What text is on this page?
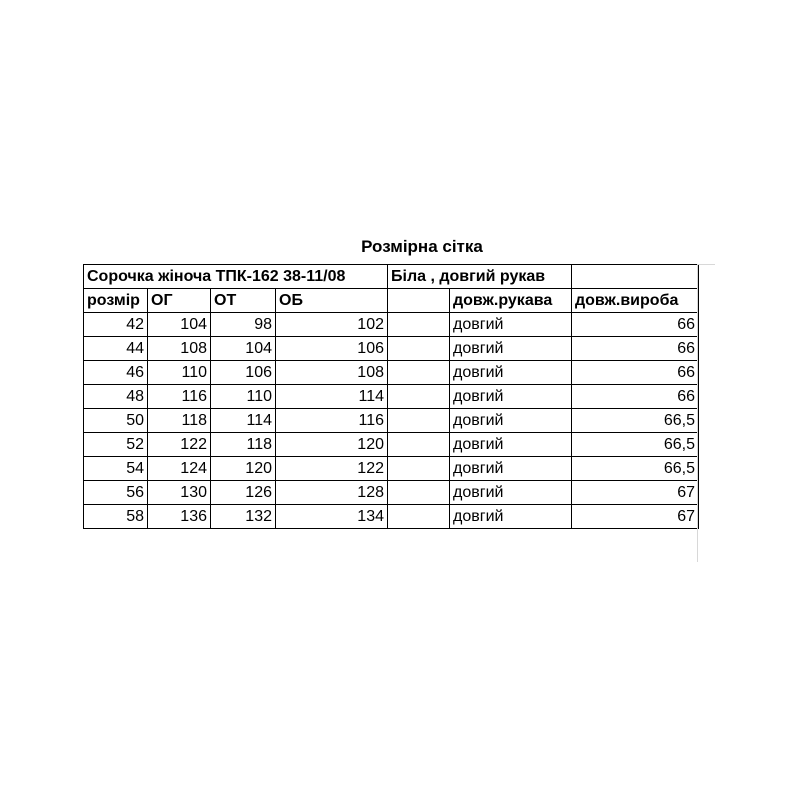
Розмірна сітка
Сорочка жіноча ТПК-162 38-11/08				Біла , довгий рукав		
розмір	ОГ	ОТ	ОБ		довж.рукава	довж.вироба
42	104	98	102		довгий	66
44	108	104	106		довгий	66
46	110	106	108		довгий	66
48	116	110	114		довгий	66
50	118	114	116		довгий	66,5
52	122	118	120		довгий	66,5
54	124	120	122		довгий	66,5
56	130	126	128		довгий	67
58	136	132	134		довгий	67
